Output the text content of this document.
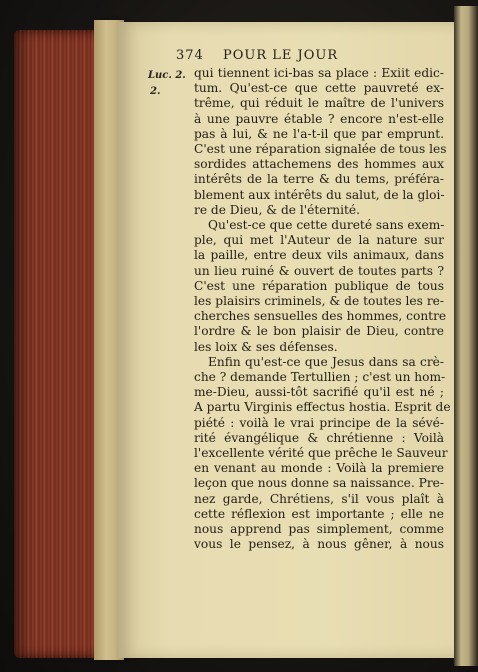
Luc. 2.
2.
374 POUR LE JOUR
qui tiennent ici-bas sa place : Exiit edic-
tum. Qu'est-ce que cette pauvreté ex-
trême, qui réduit le maître de l'univers
à une pauvre étable ? encore n'est-elle
pas à lui, & ne l'a-t-il que par emprunt.
C'est une réparation signalée de tous les
sordides attachemens des hommes aux
intérêts de la terre & du tems, préféra-
blement aux intérêts du salut, de la gloi-
re de Dieu, & de l'éternité.
Qu'est-ce que cette dureté sans exem-
ple, qui met l'Auteur de la nature sur
la paille, entre deux vils animaux, dans
un lieu ruiné & ouvert de toutes parts ?
C'est une réparation publique de tous
les plaisirs criminels, & de toutes les re-
cherches sensuelles des hommes, contre
l'ordre & le bon plaisir de Dieu, contre
les loix & ses défenses.
Enfin qu'est-ce que Jesus dans sa crè-
che ? demande Tertullien ; c'est un hom-
me-Dieu, aussi-tôt sacrifié qu'il est né ;
A partu Virginis effectus hostia. Esprit de
piété : voilà le vrai principe de la sévé-
rité évangélique & chrétienne : Voilà
l'excellente vérité que prêche le Sauveur
en venant au monde : Voilà la premiere
leçon que nous donne sa naissance. Pre-
nez garde, Chrétiens, s'il vous plaît à
cette réflexion est importante ; elle ne
nous apprend pas simplement, comme
vous le pensez, à nous gêner, à nous
